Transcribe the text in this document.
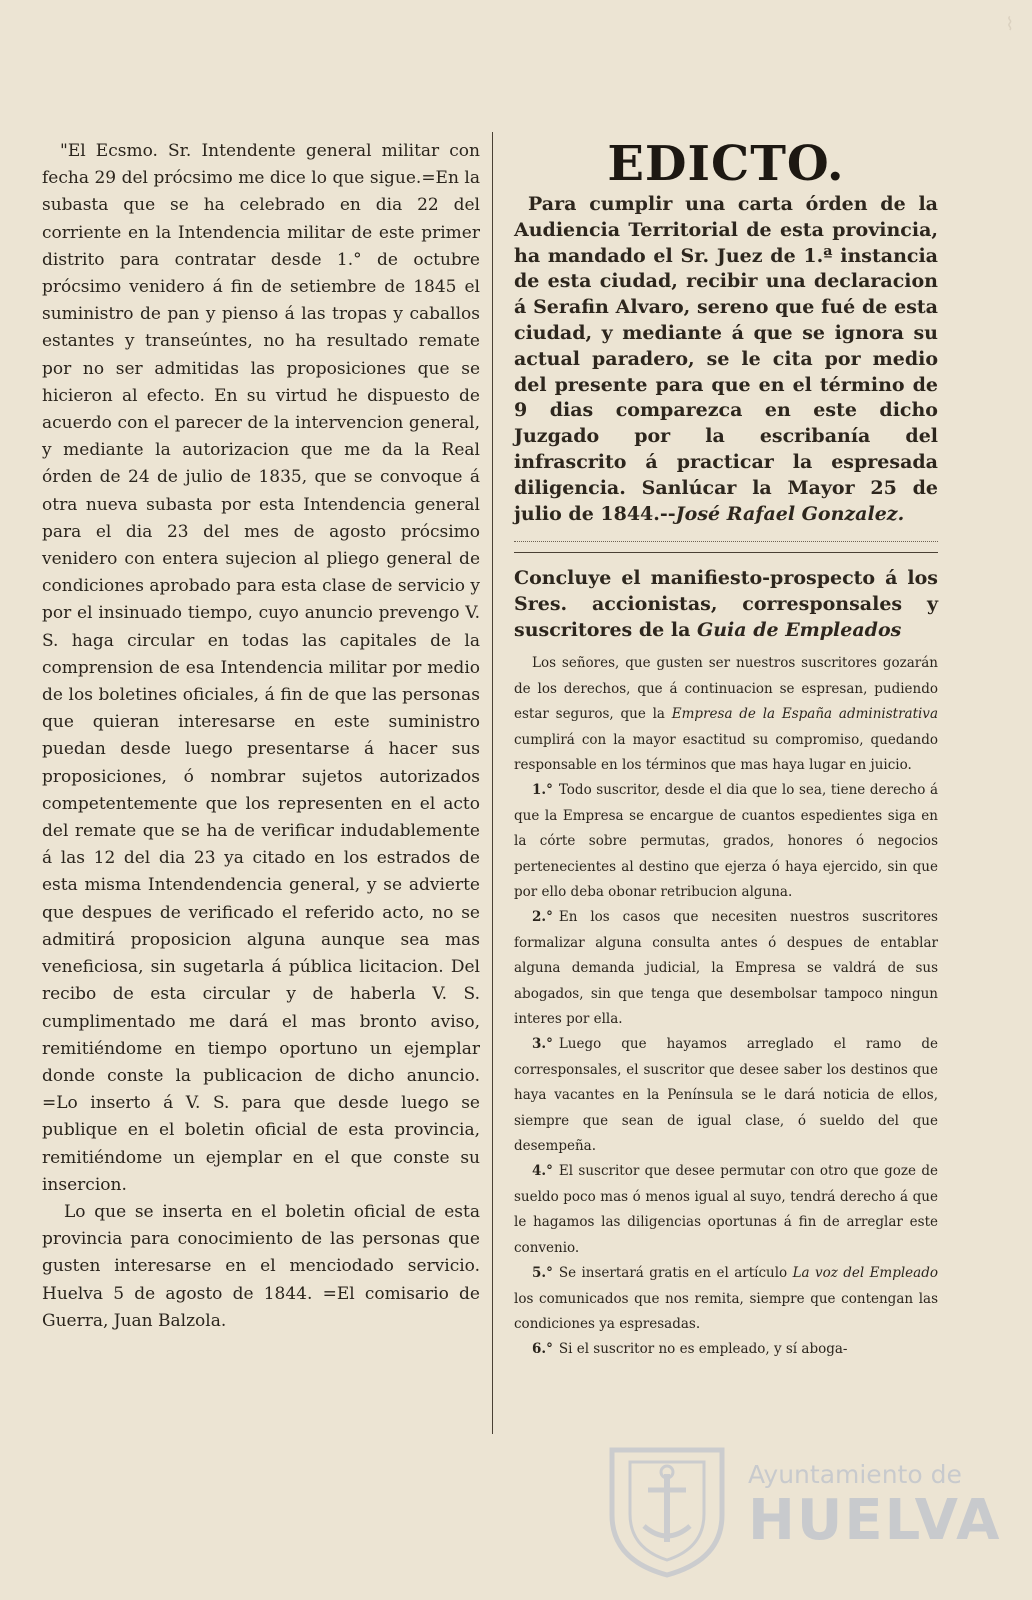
⌇

"El Ecsmo. Sr. Intendente general militar con fecha 29 del prócsimo me dice lo que sigue.=En la subasta que se ha celebrado en dia 22 del corriente en la Intendencia militar de este primer distrito para contratar desde 1.° de octubre prócsimo venidero á fin de setiembre de 1845 el suministro de pan y pienso á las tropas y caballos estantes y transeúntes, no ha resultado remate por no ser admitidas las proposiciones que se hicieron al efecto. En su virtud he dispuesto de acuerdo con el parecer de la intervencion general, y mediante la autorizacion que me da la Real órden de 24 de julio de 1835, que se convoque á otra nueva subasta por esta Intendencia general para el dia 23 del mes de agosto prócsimo venidero con entera sujecion al pliego general de condiciones aprobado para esta clase de servicio y por el insinuado tiempo, cuyo anuncio prevengo V. S. haga circular en todas las capitales de la comprension de esa Intendencia militar por medio de los boletines oficiales, á fin de que las personas que quieran interesarse en este suministro puedan desde luego presentarse á hacer sus proposiciones, ó nombrar sujetos autorizados competentemente que los representen en el acto del remate que se ha de verificar indudablemente á las 12 del dia 23 ya citado en los estrados de esta misma Intendendencia general, y se advierte que despues de verificado el referido acto, no se admitirá proposicion alguna aunque sea mas veneficiosa, sin sugetarla á pública licitacion. Del recibo de esta circular y de haberla V. S. cumplimentado me dará el mas bronto aviso, remitiéndome en tiempo oportuno un ejemplar donde conste la publicacion de dicho anuncio. =Lo inserto á V. S. para que desde luego se publique en el boletin oficial de esta provincia, remitiéndome un ejemplar en el que conste su insercion.

Lo que se inserta en el boletin oficial de esta provincia para conocimiento de las personas que gusten interesarse en el menciodado servicio. Huelva 5 de agosto de 1844. =El comisario de Guerra, Juan Balzola.

EDICTO.

Para cumplir una carta órden de la Audiencia Territorial de esta provincia, ha mandado el Sr. Juez de 1.ª instancia de esta ciudad, recibir una declaracion á Serafin Alvaro, sereno que fué de esta ciudad, y mediante á que se ignora su actual paradero, se le cita por medio del presente para que en el término de 9 dias comparezca en este dicho Juzgado por la escribanía del infrascrito á practicar la espresada diligencia. Sanlúcar la Mayor 25 de julio de 1844.--José Rafael Gonzalez.

Concluye el manifiesto-prospecto á los Sres. accionistas, corresponsales y suscritores de la Guia de Empleados

Los señores, que gusten ser nuestros suscritores gozarán de los derechos, que á continuacion se espresan, pudiendo estar seguros, que la Empresa de la España administrativa cumplirá con la mayor esactitud su compromiso, quedando responsable en los términos que mas haya lugar en juicio.

1.° Todo suscritor, desde el dia que lo sea, tiene derecho á que la Empresa se encargue de cuantos espedientes siga en la córte sobre permutas, grados, honores ó negocios pertenecientes al destino que ejerza ó haya ejercido, sin que por ello deba obonar retribucion alguna.

2.° En los casos que necesiten nuestros suscritores formalizar alguna consulta antes ó despues de entablar alguna demanda judicial, la Empresa se valdrá de sus abogados, sin que tenga que desembolsar tampoco ningun interes por ella.

3.° Luego que hayamos arreglado el ramo de corresponsales, el suscritor que desee saber los destinos que haya vacantes en la Península se le dará noticia de ellos, siempre que sean de igual clase, ó sueldo del que desempeña.

4.° El suscritor que desee permutar con otro que goze de sueldo poco mas ó menos igual al suyo, tendrá derecho á que le hagamos las diligencias oportunas á fin de arreglar este convenio.

5.° Se insertará gratis en el artículo La voz del Empleado los comunicados que nos remita, siempre que contengan las condiciones ya espresadas.

6.° Si el suscritor no es empleado, y sí aboga-

Ayuntamiento de
HUELVA
